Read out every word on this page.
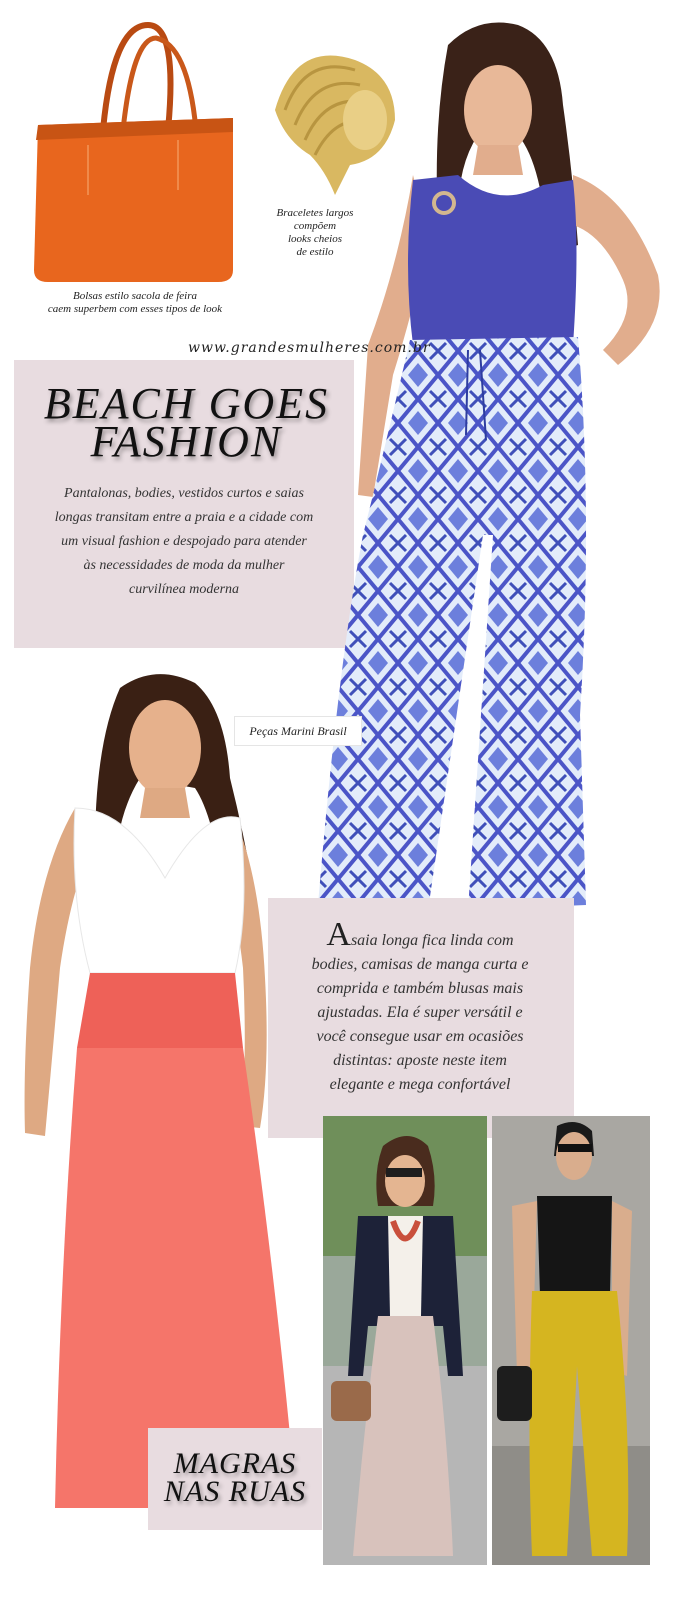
Bolsas estilo sacola de feira
caem superbem com esses tipos de look
Braceletes largos
compõem
looks cheios
de estilo
www.grandesmulheres.com.br
BEACH GOES
FASHION
Pantalonas, bodies, vestidos curtos e saias
longas transitam entre a praia e a cidade com
um visual fashion e despojado para atender
às necessidades de moda da mulher
curvilínea moderna
Peças Marini Brasil
Asaia longa fica linda com
bodies, camisas de manga curta e
comprida e também blusas mais
ajustadas. Ela é super versátil e
você consegue usar em ocasiões
distintas: aposte neste item
elegante e mega confortável
MAGRAS
NAS RUAS
